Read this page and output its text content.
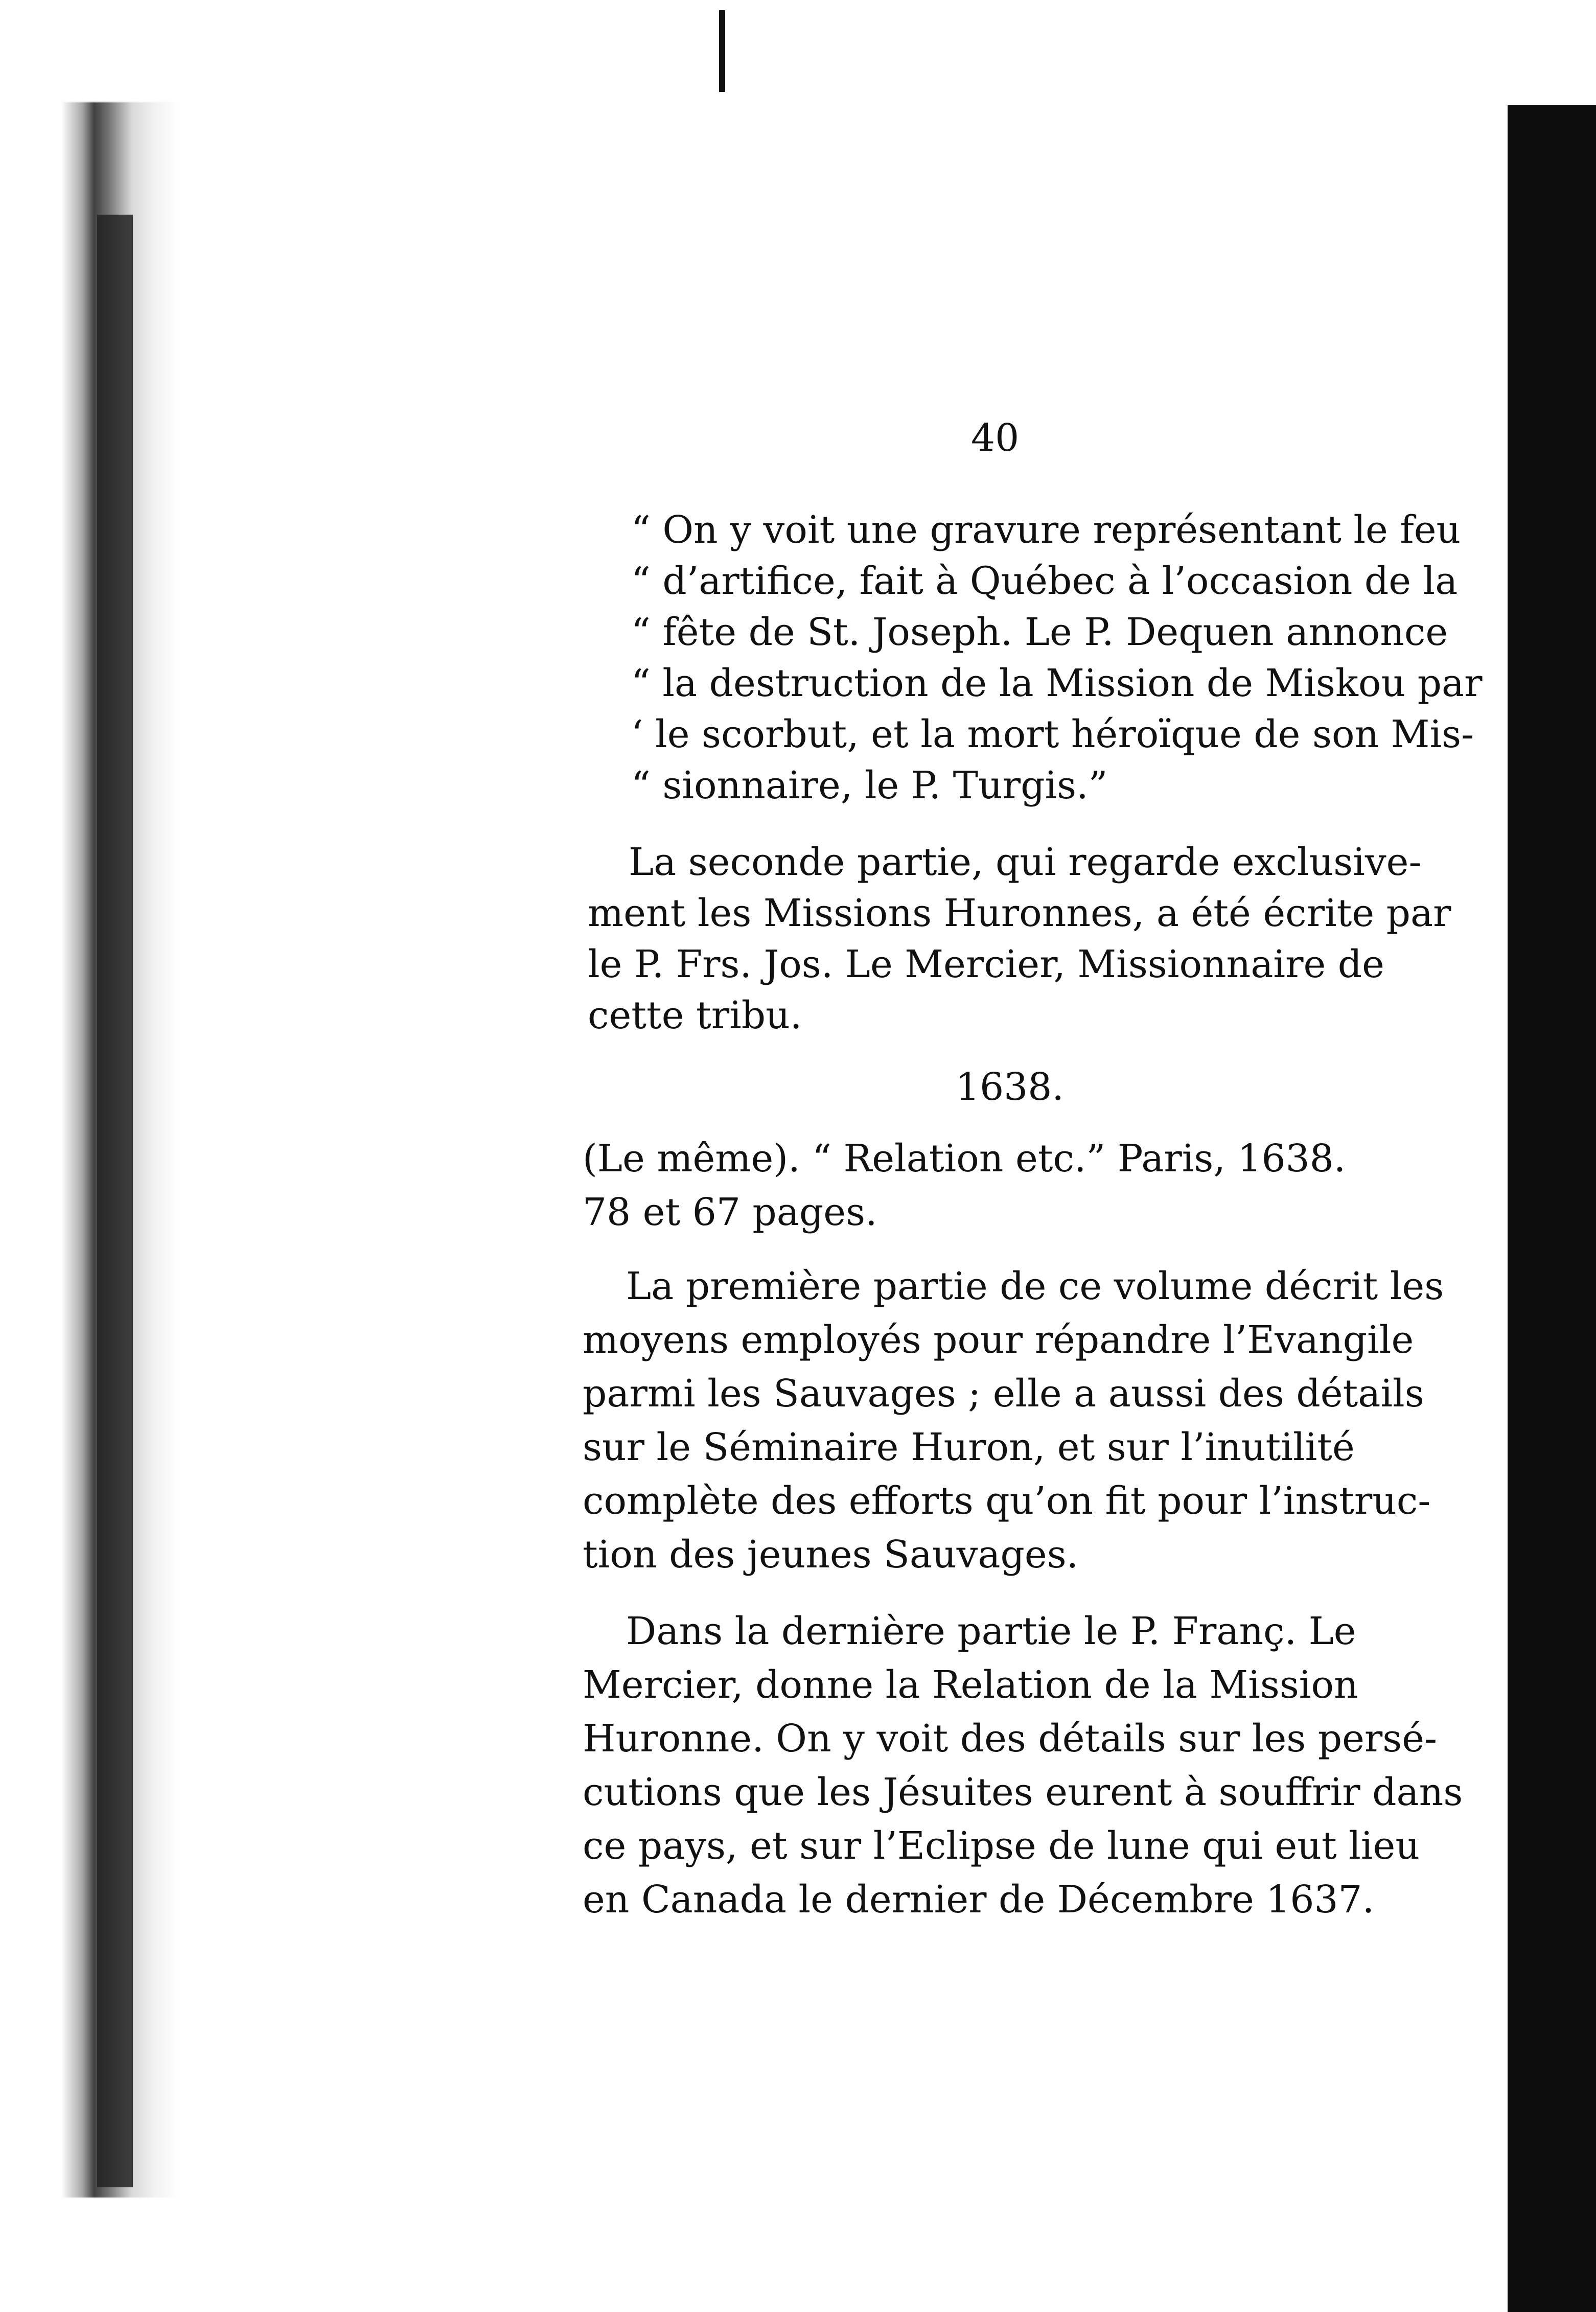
40
“ On y voit une gravure représentant le feu
“ d’artifice, fait à Québec à l’occasion de la
“ fête de St. Joseph. Le P. Dequen annonce
“ la destruction de la Mission de Miskou par
‘ le scorbut, et la mort héroïque de son Mis-
“ sionnaire, le P. Turgis.”
La seconde partie, qui regarde exclusive-
ment les Missions Huronnes, a été écrite par
le P. Frs. Jos. Le Mercier, Missionnaire de
cette tribu.
1638.
(Le même). “ Relation etc.” Paris, 1638.
78 et 67 pages.
La première partie de ce volume décrit les
moyens employés pour répandre l’Evangile
parmi les Sauvages ; elle a aussi des détails
sur le Séminaire Huron, et sur l’inutilité
complète des efforts qu’on fit pour l’instruc-
tion des jeunes Sauvages.
Dans la dernière partie le P. Franç. Le
Mercier, donne la Relation de la Mission
Huronne. On y voit des détails sur les persé-
cutions que les Jésuites eurent à souffrir dans
ce pays, et sur l’Eclipse de lune qui eut lieu
en Canada le dernier de Décembre 1637.
